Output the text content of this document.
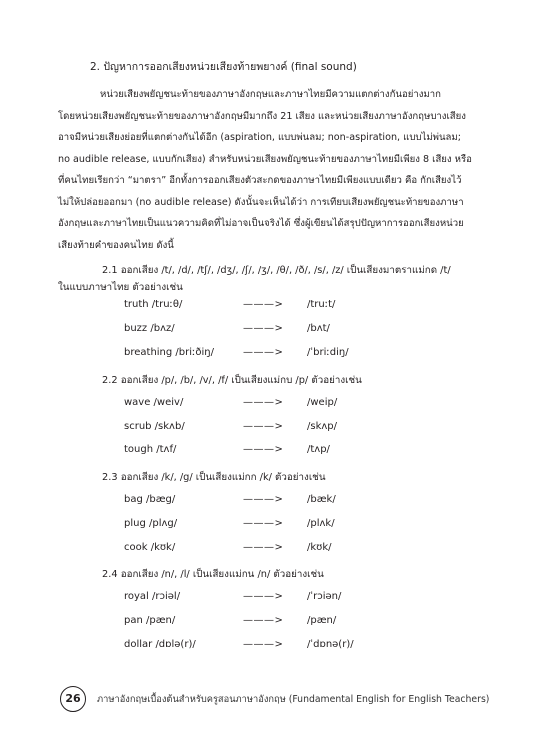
2. ปัญหาการออกเสียงหน่วยเสียงท้ายพยางค์ (final sound)

หน่วยเสียงพยัญชนะท้ายของภาษาอังกฤษและภาษาไทยมีความแตกต่างกันอย่างมาก

โดยหน่วยเสียงพยัญชนะท้ายของภาษาอังกฤษมีมากถึง 21 เสียง และหน่วยเสียงภาษาอังกฤษบางเสียง

อาจมีหน่วยเสียงย่อยที่แตกต่างกันได้อีก (aspiration, แบบพ่นลม; non-aspiration, แบบไม่พ่นลม;

no audible release, แบบกักเสียง) สำหรับหน่วยเสียงพยัญชนะท้ายของภาษาไทยมีเพียง 8 เสียง หรือ

ที่คนไทยเรียกว่า “มาตรา” อีกทั้งการออกเสียงตัวสะกดของภาษาไทยมีเพียงแบบเดียว คือ กักเสียงไว้

ไม่ให้ปล่อยออกมา (no audible release) ดังนั้นจะเห็นได้ว่า การเทียบเสียงพยัญชนะท้ายของภาษา

อังกฤษและภาษาไทยเป็นแนวความคิดที่ไม่อาจเป็นจริงได้ ซึ่งผู้เขียนได้สรุปปัญหาการออกเสียงหน่วย

เสียงท้ายคำของคนไทย ดังนี้

2.1 ออกเสียง /t/, /d/, /tʃ/, /dʒ/, /ʃ/, /ʒ/, /θ/, /ð/, /s/, /z/ เป็นเสียงมาตราแม่กด /t/
ในแบบภาษาไทย ตัวอย่างเช่น
truth /truːθ/	———> /truːt/
buzz /bʌz/	———> /bʌt/
breathing /briːðiŋ/	———> /ˈbriːdiŋ/
2.2 ออกเสียง /p/, /b/, /v/, /f/ เป็นเสียงแม่กบ /p/ ตัวอย่างเช่น
wave /weiv/	———> /weip/
scrub /skʌb/	———> /skʌp/
tough /tʌf/	———> /tʌp/
2.3 ออกเสียง /k/, /g/ เป็นเสียงแม่กก /k/ ตัวอย่างเช่น
bag /bæg/	———> /bæk/
plug /plʌg/	———> /plʌk/
cook /kʊk/	———> /kʊk/
2.4 ออกเสียง /n/, /l/ เป็นเสียงแม่กน /n/ ตัวอย่างเช่น
royal /rɔiəl/	———> /ˈrɔiən/
pan /pæn/	———> /pæn/
dollar /dɒlə(r)/	———> /ˈdɒnə(r)/
26	ภาษาอังกฤษเบื้องต้นสำหรับครูสอนภาษาอังกฤษ (Fundamental English for English Teachers)
